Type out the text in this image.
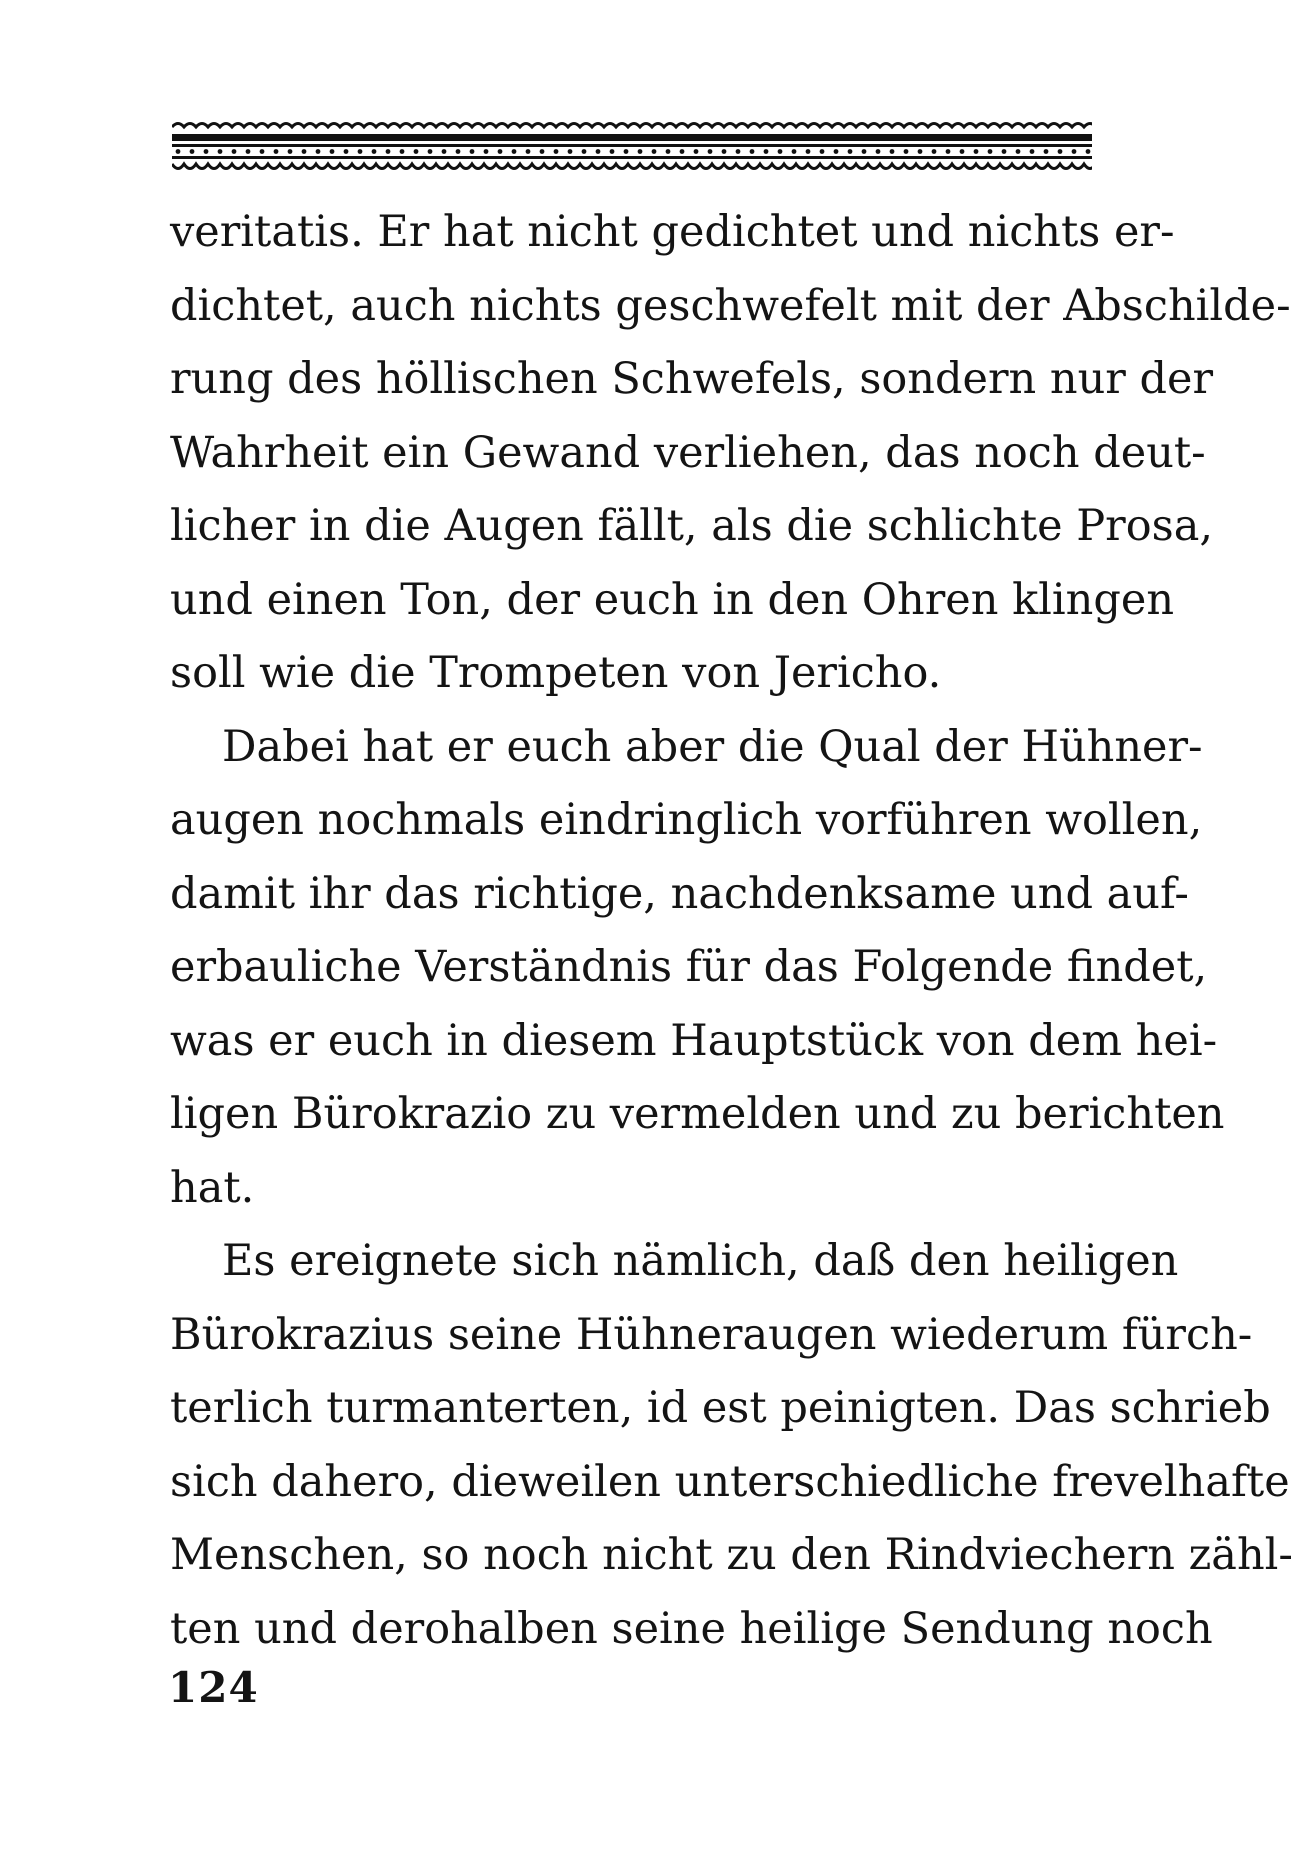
veritatis. Er hat nicht gedichtet und nichts er-
dichtet, auch nichts geschwefelt mit der Abschilde-
rung des höllischen Schwefels, sondern nur der
Wahrheit ein Gewand verliehen, das noch deut-
licher in die Augen fällt, als die schlichte Prosa,
und einen Ton, der euch in den Ohren klingen
soll wie die Trompeten von Jericho.
Dabei hat er euch aber die Qual der Hühner-
augen nochmals eindringlich vorführen wollen,
damit ihr das richtige, nachdenksame und auf-
erbauliche Verständnis für das Folgende findet,
was er euch in diesem Hauptstück von dem hei-
ligen Bürokrazio zu vermelden und zu berichten
hat.
Es ereignete sich nämlich, daß den heiligen
Bürokrazius seine Hühneraugen wiederum fürch-
terlich turmanterten, id est peinigten. Das schrieb
sich dahero, dieweilen unterschiedliche frevelhafte
Menschen, so noch nicht zu den Rindviechern zähl-
ten und derohalben seine heilige Sendung noch
124
